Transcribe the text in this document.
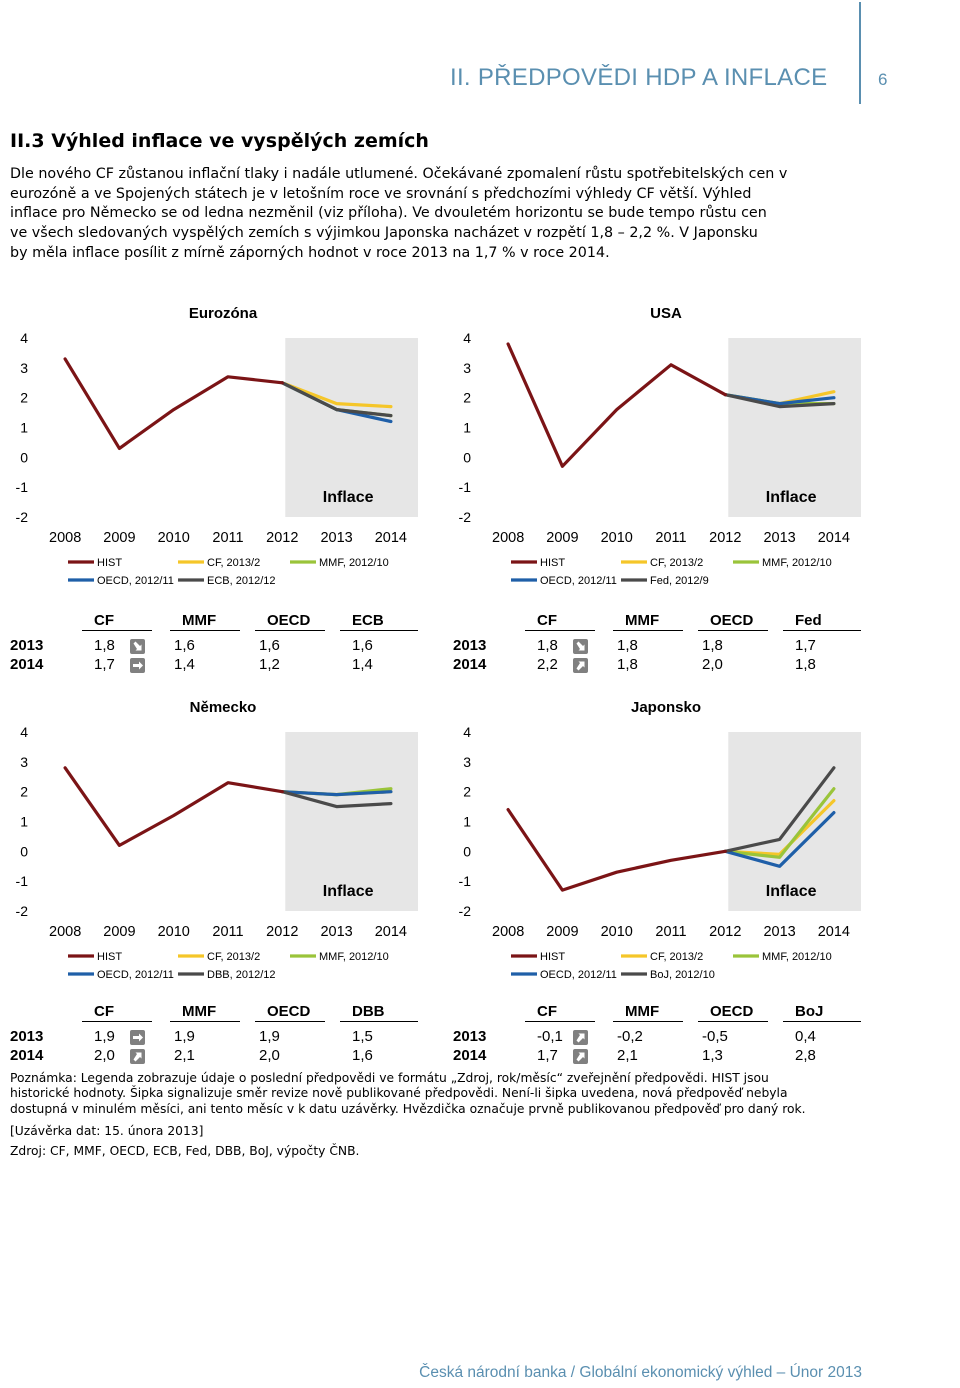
II. PŘEDPOVĚDI HDP A INFLACE	6
II.3 Výhled inflace ve vyspělých zemích
Dle nového CF zůstanou inflační tlaky i nadále utlumené. Očekávané zpomalení růstu spotřebitelských cen v
eurozóně a ve Spojených státech je v letošním roce ve srovnání s předchozími výhledy CF větší. Výhled
inflace pro Německo se od ledna nezměnil (viz příloha). Ve dvouletém horizontu se bude tempo růstu cen
ve všech sledovaných vyspělých zemích s výjimkou Japonska nacházet v rozpětí 1,8 – 2,2 %. V Japonsku
by měla inflace posílit z mírně záporných hodnot v roce 2013 na 1,7 % v roce 2014.
Eurozóna
4
3
2
1
0
-1
-2
2008 2009 2010 2011 2012 2013 2014
Inflace
HIST	CF, 2013/2	MMF, 2012/10
OECD, 2012/11	ECB, 2012/12
USA
4
3
2
1
0
-1
-2
2008 2009 2010 2011 2012 2013 2014
Inflace
HIST	CF, 2013/2	MMF, 2012/10
OECD, 2012/11	Fed, 2012/9
Německo
4
3
2
1
0
-1
-2
2008 2009 2010 2011 2012 2013 2014
Inflace
HIST	CF, 2013/2	MMF, 2012/10
OECD, 2012/11	DBB, 2012/12
Japonsko
4
3
2
1
0
-1
-2
2008 2009 2010 2011 2012 2013 2014
Inflace
HIST	CF, 2013/2	MMF, 2012/10
OECD, 2012/11	BoJ, 2012/10
CF	MMF	OECD	ECB
2013	1,8	1,6	1,6	1,6
2014	1,7	1,4	1,2	1,4
CF	MMF	OECD	Fed
2013	1,8	1,8	1,8	1,7
2014	2,2	1,8	2,0	1,8
CF	MMF	OECD	DBB
2013	1,9	1,9	1,9	1,5
2014	2,0	2,1	2,0	1,6
CF	MMF	OECD	BoJ
2013	-0,1	-0,2	-0,5	0,4
2014	1,7	2,1	1,3	2,8
Poznámka: Legenda zobrazuje údaje o poslední předpovědi ve formátu „Zdroj, rok/měsíc“ zveřejnění předpovědi. HIST jsou
historické hodnoty. Šipka signalizuje směr revize nově publikované předpovědi. Není-li šipka uvedena, nová předpověď nebyla
dostupná v minulém měsíci, ani tento měsíc v k datu uzávěrky. Hvězdička označuje prvně publikovanou předpověď pro daný rok.
[Uzávěrka dat: 15. února 2013]
Zdroj: CF, MMF, OECD, ECB, Fed, DBB, BoJ, výpočty ČNB.
Česká národní banka / Globální ekonomický výhled – Únor 2013
